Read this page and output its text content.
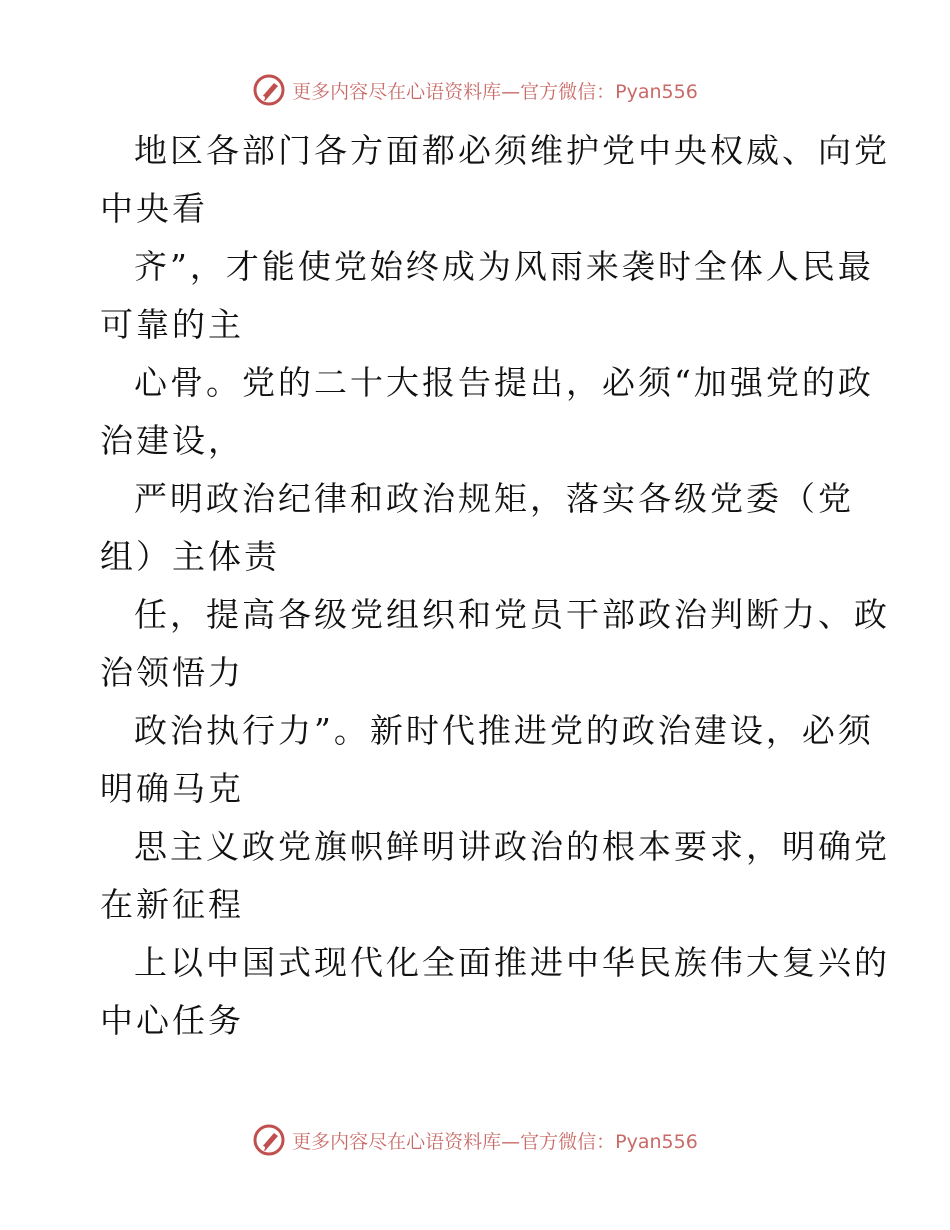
更多内容尽在心语资料库—官方微信：Pyan556
地区各部门各方面都必须维护党中央权威、向党
中央看
齐”，才能使党始终成为风雨来袭时全体人民最
可靠的主
心骨。党的二十大报告提出，必须“加强党的政
治建设，
严明政治纪律和政治规矩，落实各级党委（党
组）主体责
任，提高各级党组织和党员干部政治判断力、政
治领悟力
政治执行力”。新时代推进党的政治建设，必须
明确马克
思主义政党旗帜鲜明讲政治的根本要求，明确党
在新征程
上以中国式现代化全面推进中华民族伟大复兴的
中心任务
更多内容尽在心语资料库—官方微信：Pyan556
